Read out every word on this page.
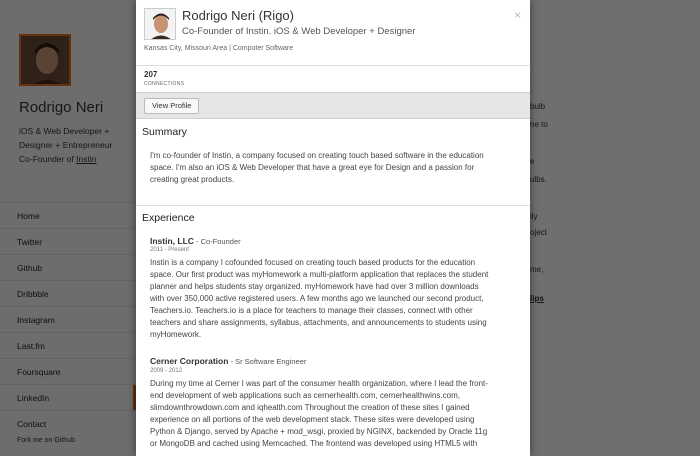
Rodrigo Neri (Rigo)
Co-Founder of Instin. iOS & Web Developer + Designer
Kansas City, Missouri Area | Computer Software
×
207
CONNECTIONS
View Profile
Summary
I'm co-founder of Instin, a company focused on creating touch based software in the education
space. I'm also an iOS & Web Developer that have a great eye for Design and a passion for
creating great products.
Experience
Instin, LLC - Co-Founder
2011 - Present
Instin is a company I cofounded focused on creating touch based products for the education
space. Our first product was myHomework a multi-platform application that replaces the student
planner and helps students stay organized. myHomework have had over 3 million downloads
with over 350,000 active registered users. A few months ago we launched our second product,
Teachers.io. Teachers.io is a place for teachers to manage their classes, connect with other
teachers and share assignments, syllabus, attachments, and announcements to students using
myHomework.
Cerner Corporation - Sr Software Engineer
2009 - 2012
During my time at Cerner I was part of the consumer health organization, where I lead the front-
end development of web applications such as cernerhealth.com, cernerhealthwins.com,
slimdownthrowdown.com and iqhealth.com Throughout the creation of these sites I gained
experience on all portions of the web development stack. These sites were developed using
Python & Django, served by Apache + mod_wsgi, proxied by NGINX, backended by Oracle 11g
or MongoDB and cached using Memcached. The frontend was developed using HTML5 with
